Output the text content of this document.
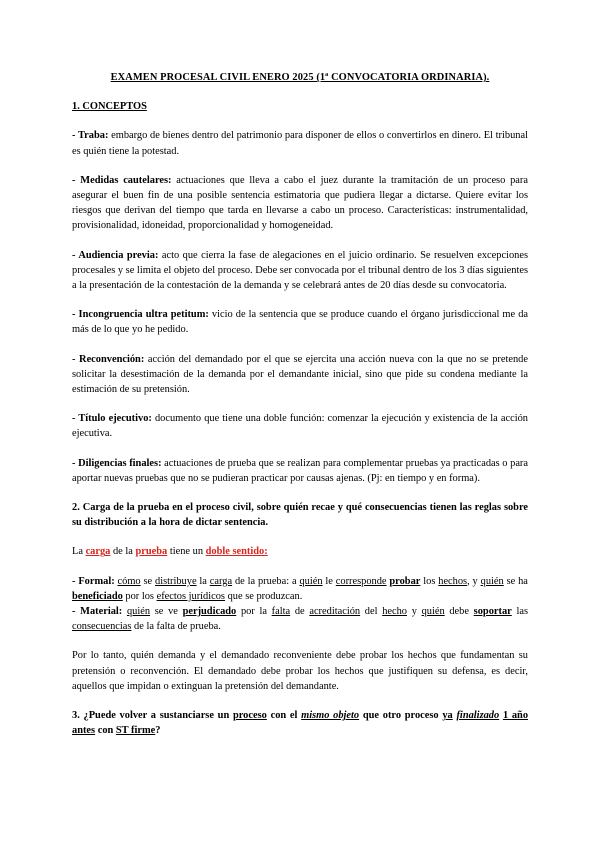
EXAMEN PROCESAL CIVIL ENERO 2025 (1ª CONVOCATORIA ORDINARIA).
1. CONCEPTOS
- Traba: embargo de bienes dentro del patrimonio para disponer de ellos o convertirlos en dinero. El tribunal es quién tiene la potestad.
- Medidas cautelares: actuaciones que lleva a cabo el juez durante la tramitación de un proceso para asegurar el buen fin de una posible sentencia estimatoria que pudiera llegar a dictarse. Quiere evitar los riesgos que derivan del tiempo que tarda en llevarse a cabo un proceso. Características: instrumentalidad, provisionalidad, idoneidad, proporcionalidad y homogeneidad.
- Audiencia previa: acto que cierra la fase de alegaciones en el juicio ordinario. Se resuelven excepciones procesales y se limita el objeto del proceso. Debe ser convocada por el tribunal dentro de los 3 días siguientes a la presentación de la contestación de la demanda y se celebrará antes de 20 días desde su convocatoria.
- Incongruencia ultra petitum: vicio de la sentencia que se produce cuando el órgano jurisdiccional me da más de lo que yo he pedido.
- Reconvención: acción del demandado por el que se ejercita una acción nueva con la que no se pretende solicitar la desestimación de la demanda por el demandante inicial, sino que pide su condena mediante la estimación de su pretensión.
- Título ejecutivo: documento que tiene una doble función: comenzar la ejecución y existencia de la acción ejecutiva.
- Diligencias finales: actuaciones de prueba que se realizan para complementar pruebas ya practicadas o para aportar nuevas pruebas que no se pudieran practicar por causas ajenas. (Pj: en tiempo y en forma).
2. Carga de la prueba en el proceso civil, sobre quién recae y qué consecuencias tienen las reglas sobre su distribución a la hora de dictar sentencia.
La carga de la prueba tiene un doble sentido:
- Formal: cómo se distribuye la carga de la prueba: a quién le corresponde probar los hechos, y quién se ha beneficiado por los efectos jurídicos que se produzcan.
- Material: quién se ve perjudicado por la falta de acreditación del hecho y quién debe soportar las consecuencias de la falta de prueba.
Por lo tanto, quién demanda y el demandado reconveniente debe probar los hechos que fundamentan su pretensión o reconvención. El demandado debe probar los hechos que justifiquen su defensa, es decir, aquellos que impidan o extinguan la pretensión del demandante.
3. ¿Puede volver a sustanciarse un proceso con el mismo objeto que otro proceso ya finalizado 1 año antes con ST firme?
